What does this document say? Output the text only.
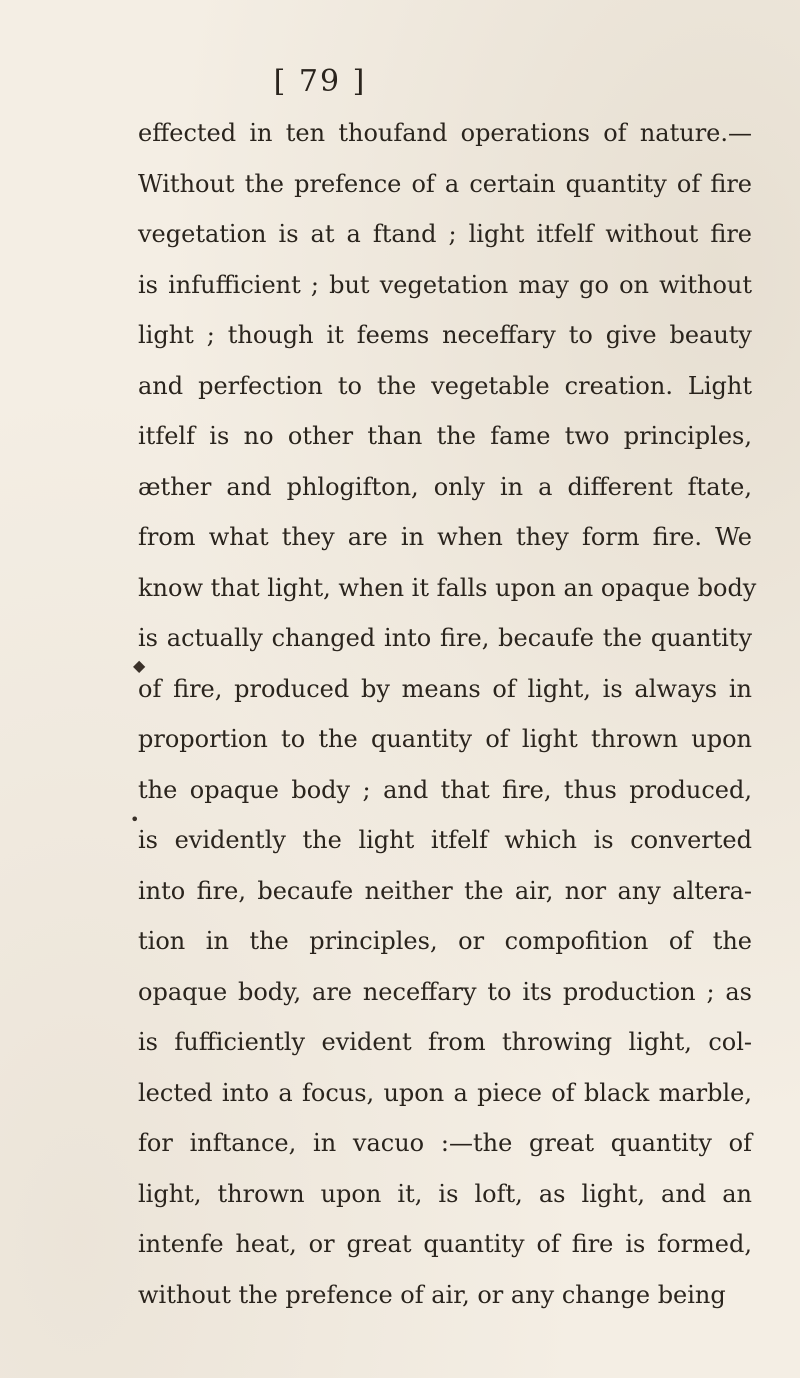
[ 79 ]
◆
•
effected in ten thoufand operations of nature.—
Without the prefence of a certain quantity of fire
vegetation is at a ftand ; light itfelf without fire
is infufficient ; but vegetation may go on without
light ; though it feems neceffary to give beauty
and perfection to the vegetable creation. Light
itfelf is no other than the fame two principles,
æther and phlogifton, only in a different ftate,
from what they are in when they form fire. We
know that light, when it falls upon an opaque body
is actually changed into fire, becaufe the quantity
of fire, produced by means of light, is always in
proportion to the quantity of light thrown upon
the opaque body ; and that fire, thus produced,
is evidently the light itfelf which is converted
into fire, becaufe neither the air, nor any altera-
tion in the principles, or compofition of the
opaque body, are neceffary to its production ; as
is fufficiently evident from throwing light, col-
lected into a focus, upon a piece of black marble,
for inftance, in vacuo :—the great quantity of
light, thrown upon it, is loft, as light, and an
intenfe heat, or great quantity of fire is formed,
without the prefence of air, or any change being
